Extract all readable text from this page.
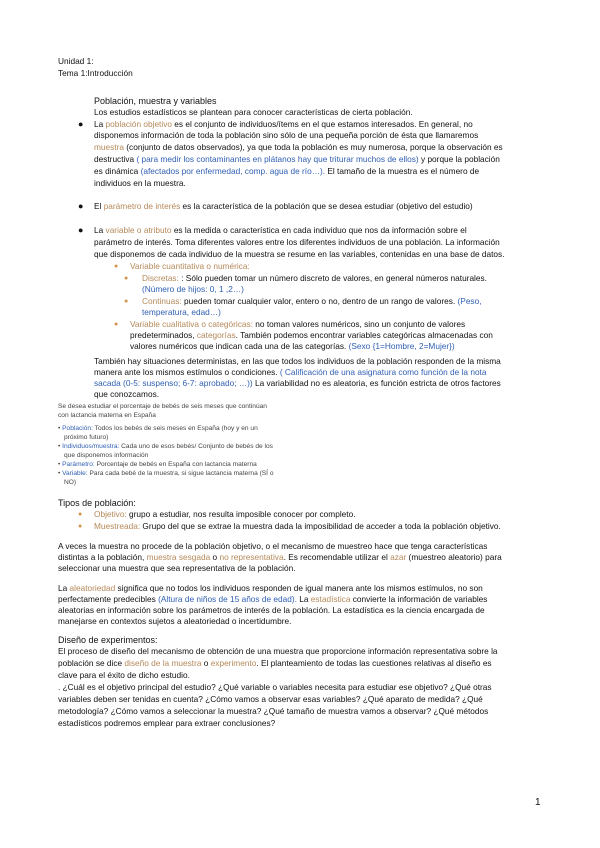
Unidad 1:
Tema 1:Introducción
Población, muestra y variables
Los estudios estadísticos se plantean para conocer características de cierta población.
● La población objetivo es el conjunto de individuos/ítems en el que estamos interesados. En general, no
disponemos información de toda la población sino sólo de una pequeña porción de ésta que llamaremos
muestra (conjunto de datos observados), ya que toda la población es muy numerosa, porque la observación es
destructiva ( para medir los contaminantes en plátanos hay que triturar muchos de ellos) y porque la población
es dinámica (afectados por enfermedad, comp. agua de río…). El tamaño de la muestra es el número de
individuos en la muestra.
● El parámetro de interés es la característica de la población que se desea estudiar (objetivo del estudio)
● La variable o atributo es la medida o característica en cada individuo que nos da información sobre el
parámetro de interés. Toma diferentes valores entre los diferentes individuos de una población. La información
que disponemos de cada individuo de la muestra se resume en las variables, contenidas en una base de datos.
● Variable cuantitativa o numérica:
● Discretas: : Sólo pueden tomar un número discreto de valores, en general números naturales.
(Número de hijos: 0, 1 ,2…)
● Continuas: pueden tomar cualquier valor, entero o no, dentro de un rango de valores. (Peso,
temperatura, edad…)
● Variable cualitativa o categóricas: no toman valores numéricos, sino un conjunto de valores
predeterminados, categorías. También podemos encontrar variables categóricas almacenadas con
valores numéricos que indican cada una de las categorías. (Sexo {1=Hombre, 2=Mujer})
También hay situaciones deterministas, en las que todos los individuos de la población responden de la misma
manera ante los mismos estímulos o condiciones. ( Calificación de una asignatura como función de la nota
sacada (0-5: suspenso; 6-7: aprobado; …)) La variabilidad no es aleatoria, es función estricta de otros factores
que conozcamos.
Se desea estudiar el porcentaje de bebés de seis meses que continúan
con lactancia materna en España
• Población: Todos los bebés de seis meses en España (hoy y en un
próximo futuro)
• Individuos/muestra: Cada uno de esos bebés/ Conjunto de bebés de los
que disponemos información
• Parámetro: Porcentaje de bebés en España con lactancia materna
• Variable: Para cada bebé de la muestra, si sigue lactancia materna (SÍ o
NO)
Tipos de población:
● Objetivo: grupo a estudiar, nos resulta imposible conocer por completo.
● Muestreada: Grupo del que se extrae la muestra dada la imposibilidad de acceder a toda la población objetivo.
A veces la muestra no procede de la población objetivo, o el mecanismo de muestreo hace que tenga características
distintas a la población, muestra sesgada o no representativa. Es recomendable utilizar el azar (muestreo aleatorio) para
seleccionar una muestra que sea representativa de la población.
La aleatoriedad significa que no todos los individuos responden de igual manera ante los mismos estímulos, no son
perfectamente predecibles (Altura de niños de 15 años de edad). La estadística convierte la información de variables
aleatorias en información sobre los parámetros de interés de la población. La estadística es la ciencia encargada de
manejarse en contextos sujetos a aleatoriedad o incertidumbre.
Diseño de experimentos:
El proceso de diseño del mecanismo de obtención de una muestra que proporcione información representativa sobre la
población se dice diseño de la muestra o experimento. El planteamiento de todas las cuestiones relativas al diseño es
clave para el éxito de dicho estudio.
. ¿Cuál es el objetivo principal del estudio? ¿Qué variable o variables necesita para estudiar ese objetivo? ¿Qué otras
variables deben ser tenidas en cuenta? ¿Cómo vamos a observar esas variables? ¿Qué aparato de medida? ¿Qué
metodología? ¿Cómo vamos a seleccionar la muestra? ¿Qué tamaño de muestra vamos a observar? ¿Qué métodos
estadísticos podremos emplear para extraer conclusiones?
1
